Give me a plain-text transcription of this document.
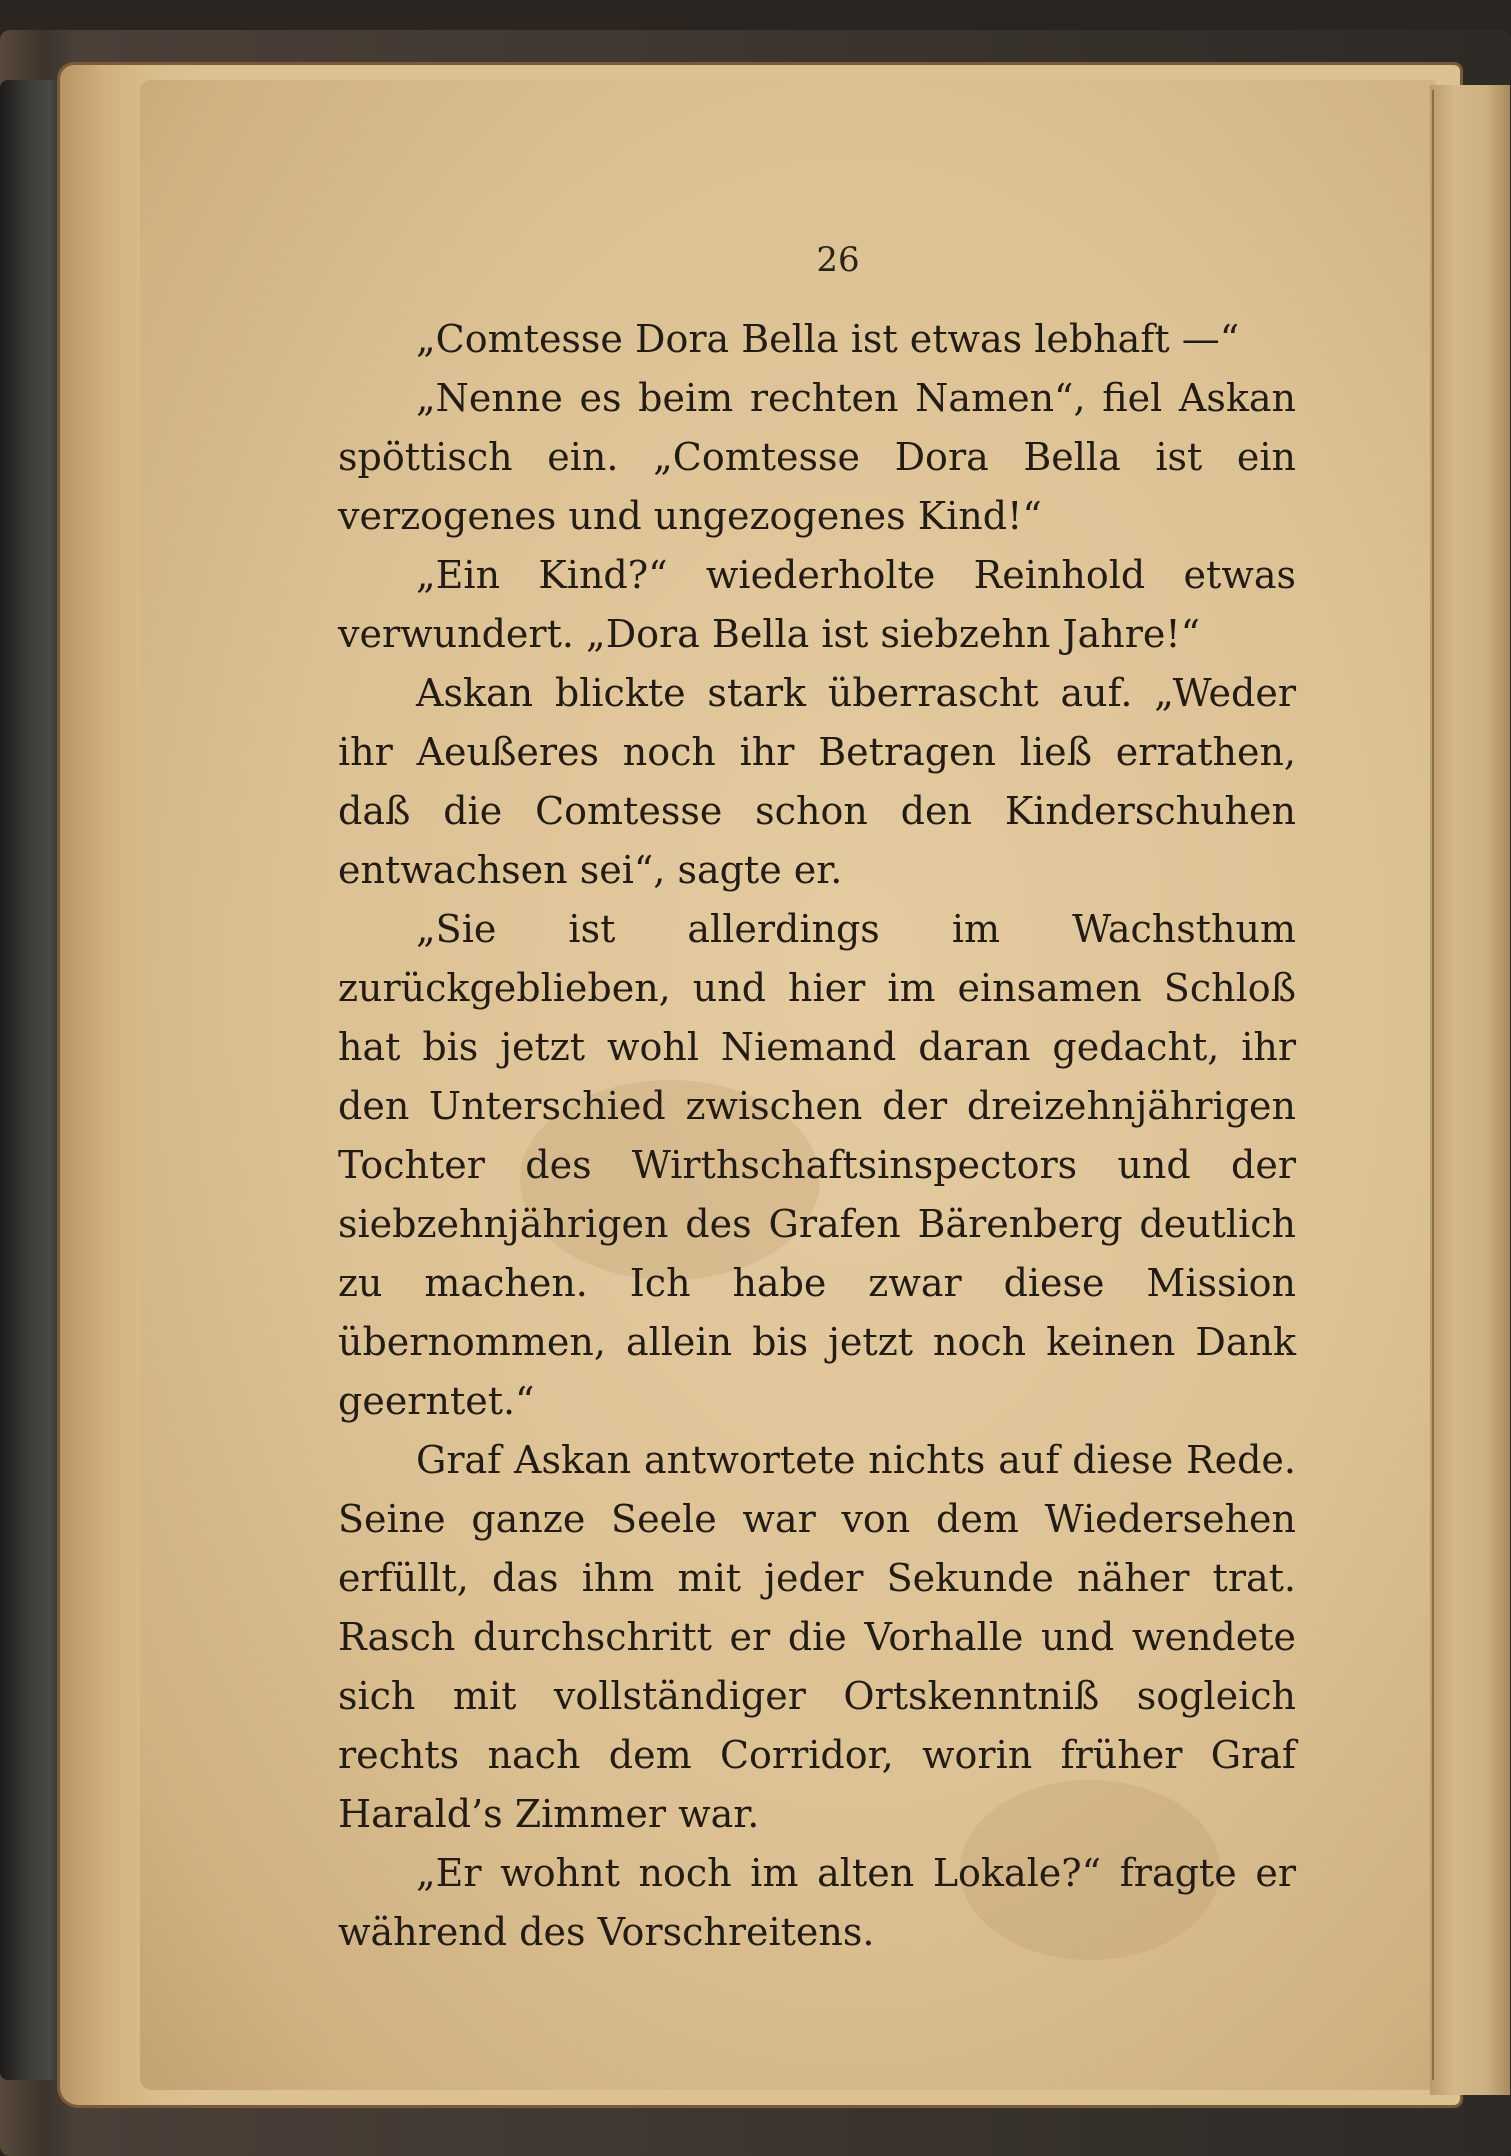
26

„Comtesse Dora Bella ist etwas lebhaft —“

„Nenne es beim rechten Namen“, fiel Askan spöttisch ein. „Comtesse Dora Bella ist ein verzogenes und ungezogenes Kind!“

„Ein Kind?“ wiederholte Reinhold etwas verwundert. „Dora Bella ist siebzehn Jahre!“

Askan blickte stark überrascht auf. „Weder ihr Aeußeres noch ihr Betragen ließ errathen, daß die Comtesse schon den Kinderschuhen entwachsen sei“, sagte er.

„Sie ist allerdings im Wachsthum zurückgeblieben, und hier im einsamen Schloß hat bis jetzt wohl Niemand daran gedacht, ihr den Unterschied zwischen der dreizehnjährigen Tochter des Wirthschaftsinspectors und der siebzehnjährigen des Grafen Bärenberg deutlich zu machen. Ich habe zwar diese Mission übernommen, allein bis jetzt noch keinen Dank geerntet.“

Graf Askan antwortete nichts auf diese Rede. Seine ganze Seele war von dem Wiedersehen erfüllt, das ihm mit jeder Sekunde näher trat. Rasch durchschritt er die Vorhalle und wendete sich mit vollständiger Ortskenntniß sogleich rechts nach dem Corridor, worin früher Graf Harald’s Zimmer war.

„Er wohnt noch im alten Lokale?“ fragte er während des Vorschreitens.
